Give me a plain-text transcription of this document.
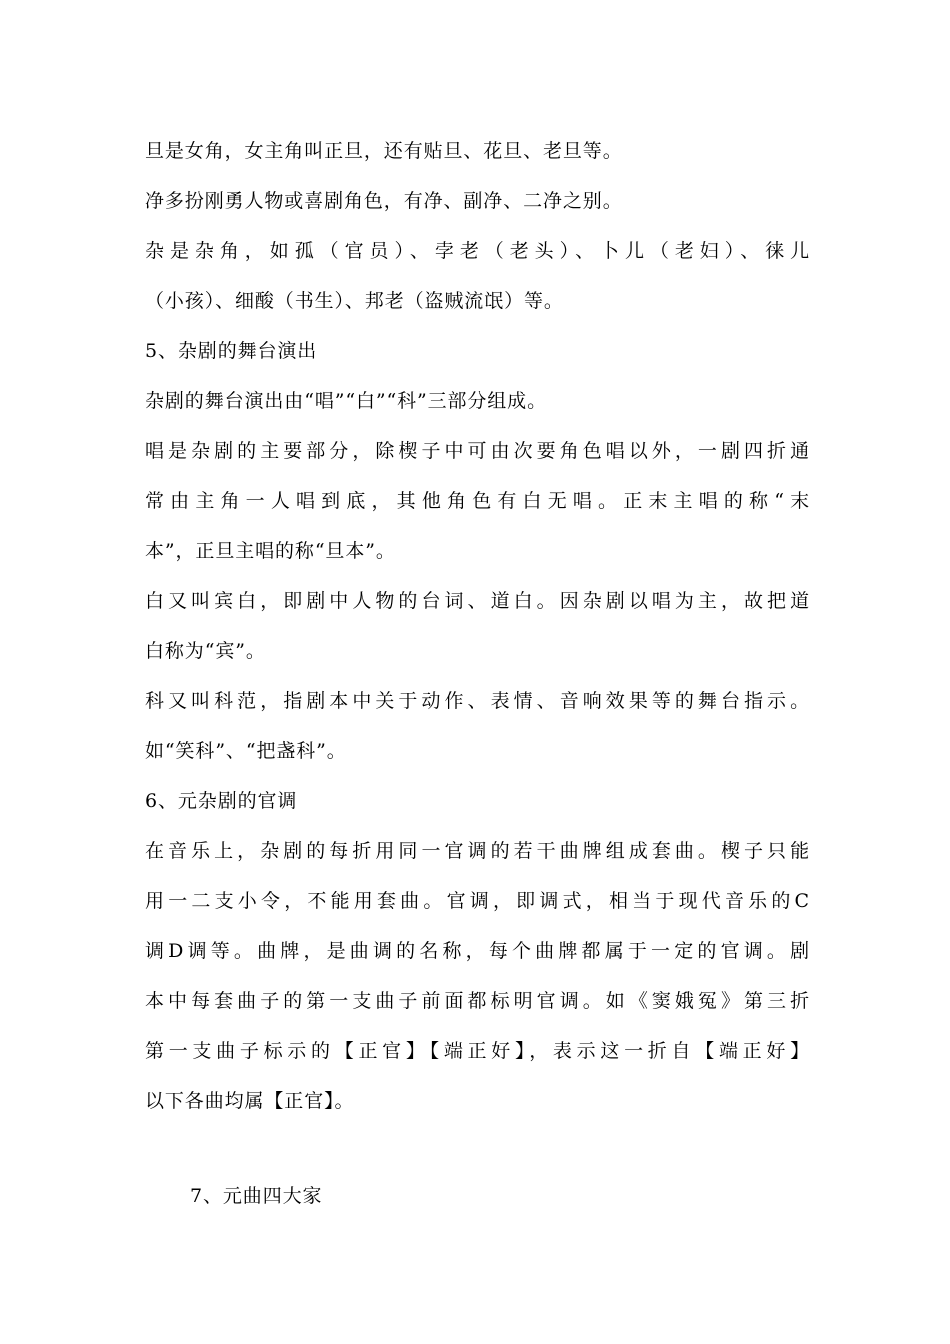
旦是女角，女主角叫正旦，还有贴旦、花旦、老旦等。
净多扮刚勇人物或喜剧角色，有净、副净、二净之别。
杂是杂角，如孤（官员）、孛老（老头）、卜儿（老妇）、徕儿
（小孩）、细酸（书生）、邦老（盗贼流氓）等。
5、杂剧的舞台演出
杂剧的舞台演出由“唱”“白”“科”三部分组成。
唱是杂剧的主要部分，除楔子中可由次要角色唱以外，一剧四折通
常由主角一人唱到底，其他角色有白无唱。正末主唱的称“末
本”，正旦主唱的称“旦本”。
白又叫宾白，即剧中人物的台词、道白。因杂剧以唱为主，故把道
白称为“宾”。
科又叫科范，指剧本中关于动作、表情、音响效果等的舞台指示。
如“笑科”、“把盏科”。
6、元杂剧的官调
在音乐上，杂剧的每折用同一官调的若干曲牌组成套曲。楔子只能
用一二支小令，不能用套曲。官调，即调式，相当于现代音乐的C
调D调等。曲牌，是曲调的名称，每个曲牌都属于一定的官调。剧
本中每套曲子的第一支曲子前面都标明官调。如《窦娥冤》第三折
第一支曲子标示的【正官】【端正好】，表示这一折自【端正好】
以下各曲均属【正官】。
7、元曲四大家
